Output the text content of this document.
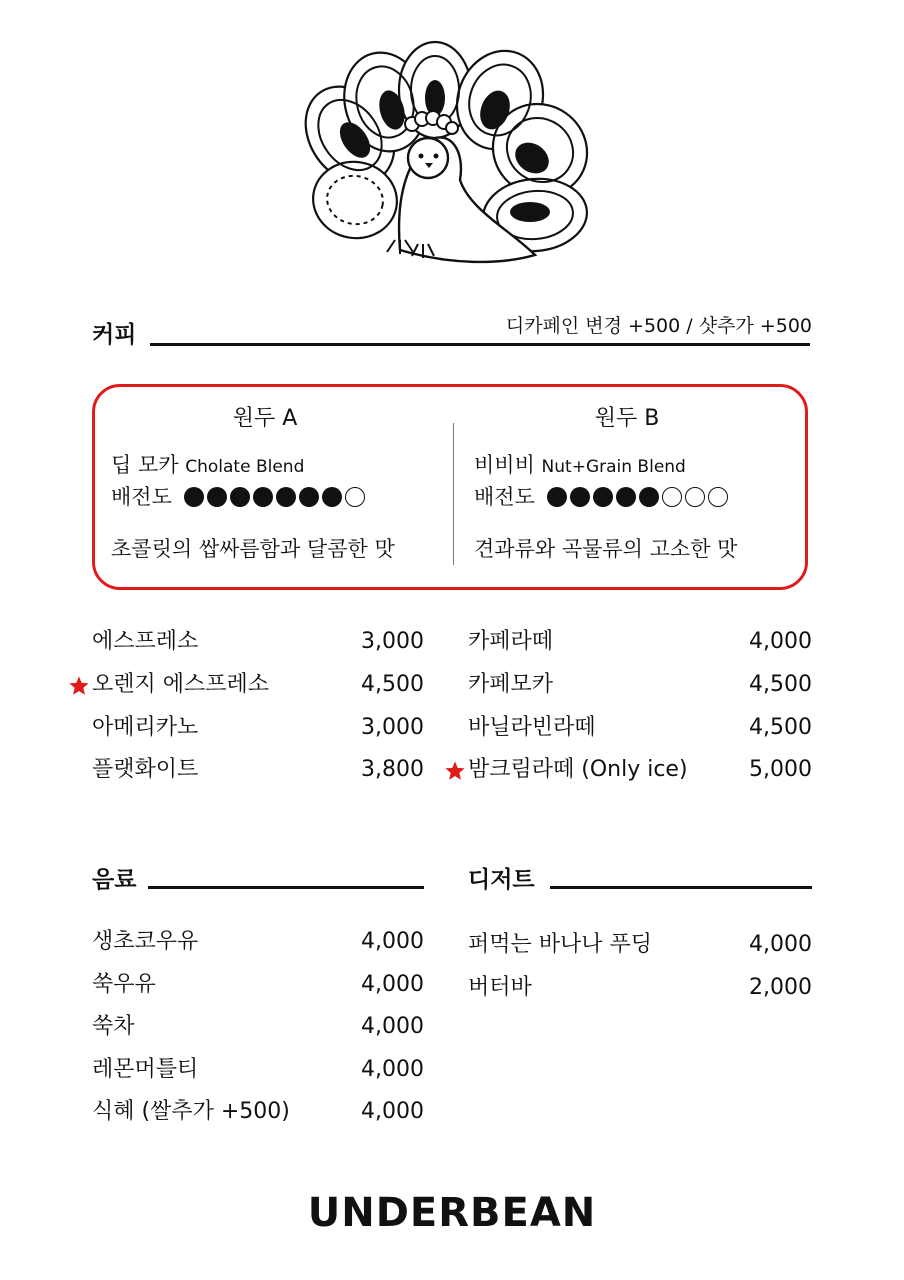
커피	디카페인 변경 +500 / 샷추가 +500
원두 A
딥 모카 Cholate Blend
배전도
초콜릿의 쌉싸름함과 달콤한 맛
원두 B
비비비 Nut+Grain Blend
배전도
견과류와 곡물류의 고소한 맛
에스프레소	3,000
오렌지 에스프레소	4,500
아메리카노	3,000
플랫화이트	3,800
카페라떼	4,000
카페모카	4,500
바닐라빈라떼	4,500
밤크림라떼 (Only ice)	5,000
음료
생초코우유	4,000
쑥우유	4,000
쑥차	4,000
레몬머틀티	4,000
식혜 (쌀추가 +500)	4,000
디저트
퍼먹는 바나나 푸딩	4,000
버터바	2,000
UNDERBEAN
